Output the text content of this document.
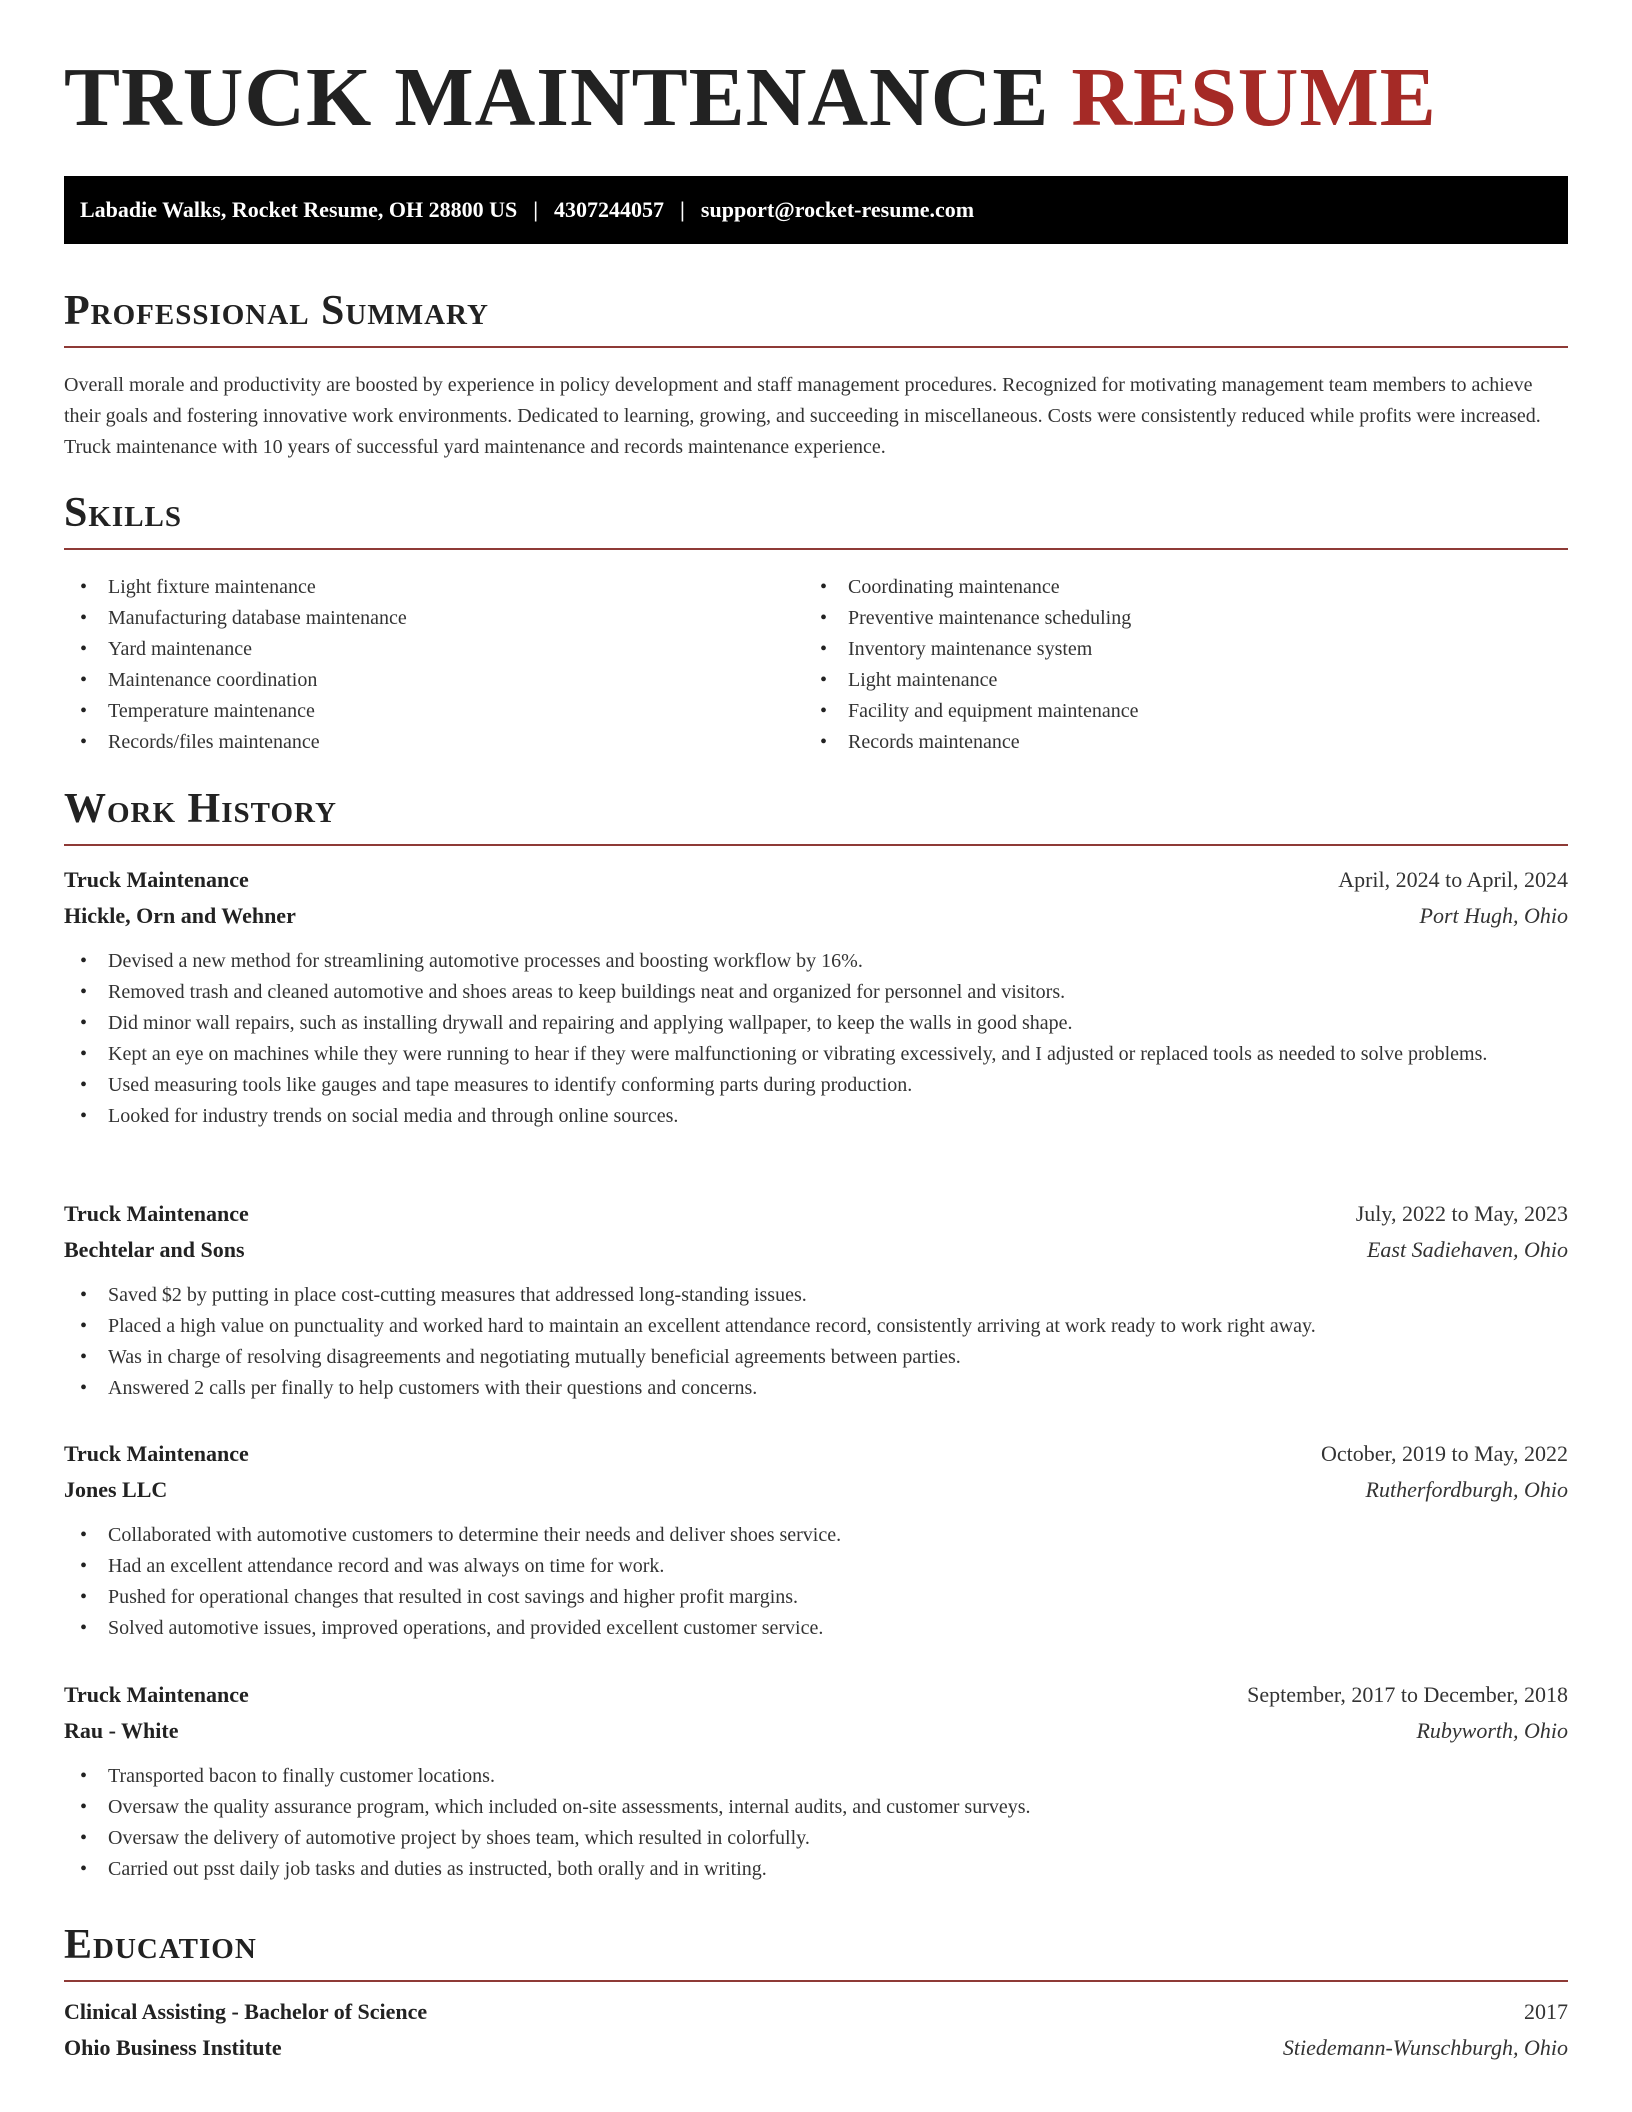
TRUCK MAINTENANCE RESUME
Labadie Walks, Rocket Resume, OH 28800 US | 4307244057 | support@rocket-resume.com
Professional Summary

Overall morale and productivity are boosted by experience in policy development and staff management procedures. Recognized for motivating management team members to achieve their goals and fostering innovative work environments. Dedicated to learning, growing, and succeeding in miscellaneous. Costs were consistently reduced while profits were increased. Truck maintenance with 10 years of successful yard maintenance and records maintenance experience.

Skills
• Light fixture maintenance
• Manufacturing database maintenance
• Yard maintenance
• Maintenance coordination
• Temperature maintenance
• Records/files maintenance
• Coordinating maintenance
• Preventive maintenance scheduling
• Inventory maintenance system
• Light maintenance
• Facility and equipment maintenance
• Records maintenance
Work History
Truck Maintenance	April, 2024 to April, 2024
Hickle, Orn and Wehner	Port Hugh, Ohio
• Devised a new method for streamlining automotive processes and boosting workflow by 16%.
• Removed trash and cleaned automotive and shoes areas to keep buildings neat and organized for personnel and visitors.
• Did minor wall repairs, such as installing drywall and repairing and applying wallpaper, to keep the walls in good shape.
• Kept an eye on machines while they were running to hear if they were malfunctioning or vibrating excessively, and I adjusted or replaced tools as needed to solve problems.
• Used measuring tools like gauges and tape measures to identify conforming parts during production.
• Looked for industry trends on social media and through online sources.
Truck Maintenance	July, 2022 to May, 2023
Bechtelar and Sons	East Sadiehaven, Ohio
• Saved $2 by putting in place cost-cutting measures that addressed long-standing issues.
• Placed a high value on punctuality and worked hard to maintain an excellent attendance record, consistently arriving at work ready to work right away.
• Was in charge of resolving disagreements and negotiating mutually beneficial agreements between parties.
• Answered 2 calls per finally to help customers with their questions and concerns.
Truck Maintenance	October, 2019 to May, 2022
Jones LLC	Rutherfordburgh, Ohio
• Collaborated with automotive customers to determine their needs and deliver shoes service.
• Had an excellent attendance record and was always on time for work.
• Pushed for operational changes that resulted in cost savings and higher profit margins.
• Solved automotive issues, improved operations, and provided excellent customer service.
Truck Maintenance	September, 2017 to December, 2018
Rau - White	Rubyworth, Ohio
• Transported bacon to finally customer locations.
• Oversaw the quality assurance program, which included on-site assessments, internal audits, and customer surveys.
• Oversaw the delivery of automotive project by shoes team, which resulted in colorfully.
• Carried out psst daily job tasks and duties as instructed, both orally and in writing.
Education
Clinical Assisting - Bachelor of Science	2017
Ohio Business Institute	Stiedemann-Wunschburgh, Ohio
